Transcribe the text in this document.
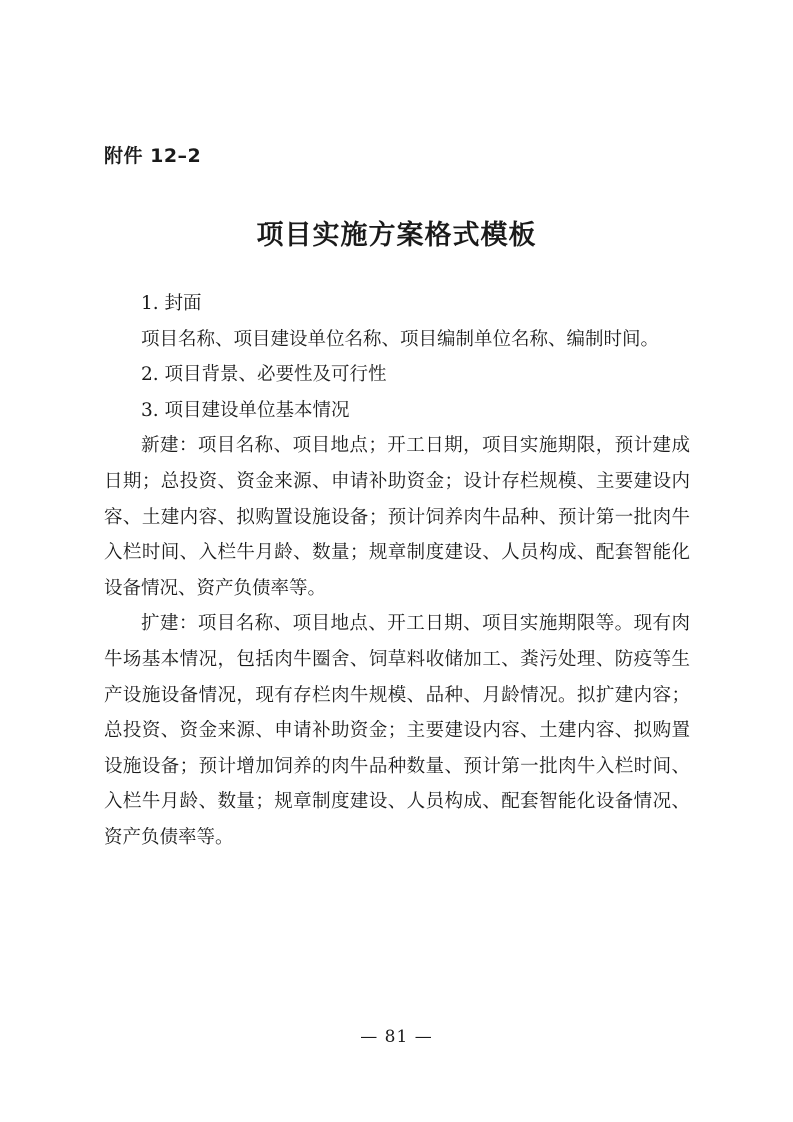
附件 12–2
项目实施方案格式模板

1. 封面

项目名称、项目建设单位名称、项目编制单位名称、编制时间。

2. 项目背景、必要性及可行性

3. 项目建设单位基本情况

新建：项目名称、项目地点；开工日期，项目实施期限，预计建成日期；总投资、资金来源、申请补助资金；设计存栏规模、主要建设内容、土建内容、拟购置设施设备；预计饲养肉牛品种、预计第一批肉牛入栏时间、入栏牛月龄、数量；规章制度建设、人员构成、配套智能化设备情况、资产负债率等。

扩建：项目名称、项目地点、开工日期、项目实施期限等。现有肉牛场基本情况，包括肉牛圈舍、饲草料收储加工、粪污处理、防疫等生产设施设备情况，现有存栏肉牛规模、品种、月龄情况。拟扩建内容；总投资、资金来源、申请补助资金；主要建设内容、土建内容、拟购置设施设备；预计增加饲养的肉牛品种数量、预计第一批肉牛入栏时间、入栏牛月龄、数量；规章制度建设、人员构成、配套智能化设备情况、资产负债率等。

— 81 —
